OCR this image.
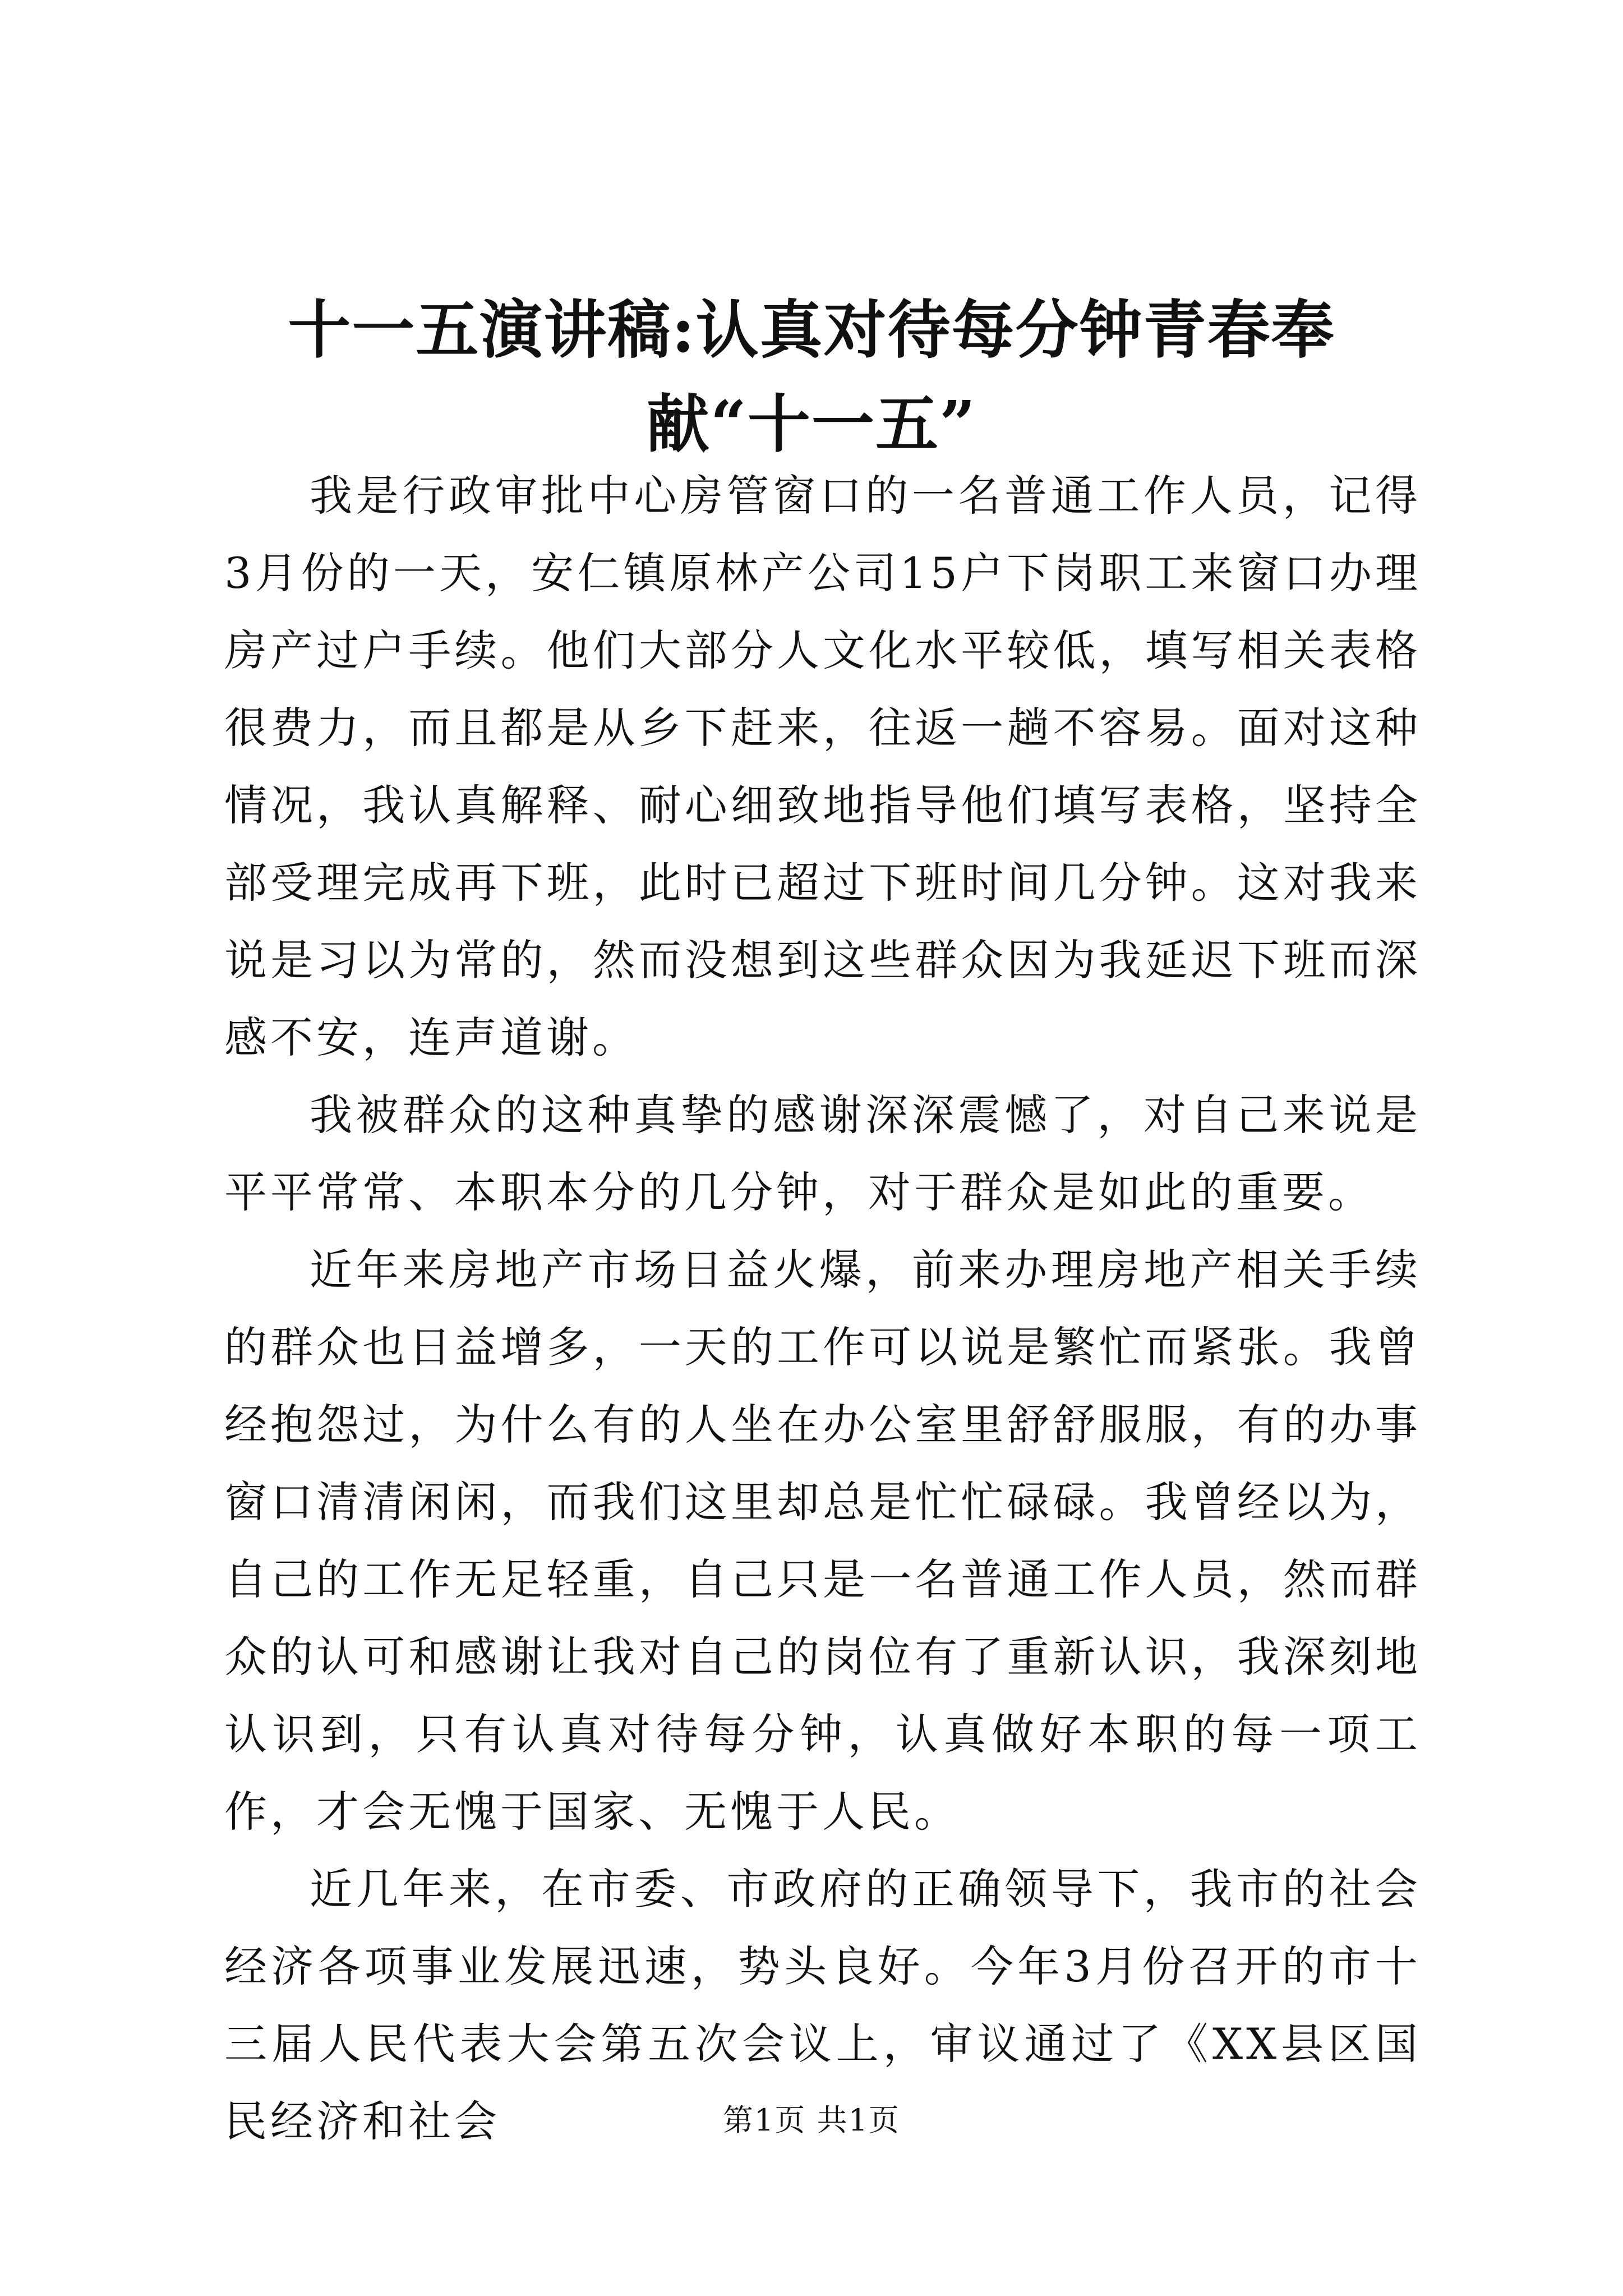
十一五演讲稿:认真对待每分钟青春奉献“十一五”

我是行政审批中心房管窗口的一名普通工作人员，记得3月份的一天，安仁镇原林产公司15户下岗职工来窗口办理房产过户手续。他们大部分人文化水平较低，填写相关表格很费力，而且都是从乡下赶来，往返一趟不容易。面对这种情况，我认真解释、耐心细致地指导他们填写表格，坚持全部受理完成再下班，此时已超过下班时间几分钟。这对我来说是习以为常的，然而没想到这些群众因为我延迟下班而深感不安，连声道谢。

我被群众的这种真挚的感谢深深震憾了，对自己来说是平平常常、本职本分的几分钟，对于群众是如此的重要。

近年来房地产市场日益火爆，前来办理房地产相关手续的群众也日益增多，一天的工作可以说是繁忙而紧张。我曾经抱怨过，为什么有的人坐在办公室里舒舒服服，有的办事窗口清清闲闲，而我们这里却总是忙忙碌碌。我曾经以为，自己的工作无足轻重，自己只是一名普通工作人员，然而群众的认可和感谢让我对自己的岗位有了重新认识，我深刻地认识到，只有认真对待每分钟，认真做好本职的每一项工作，才会无愧于国家、无愧于人民。

近几年来，在市委、市政府的正确领导下，我市的社会经济各项事业发展迅速，势头良好。今年3月份召开的市十三届人民代表大会第五次会议上，审议通过了《XX县区国民经济和社会	第1页 共1页
